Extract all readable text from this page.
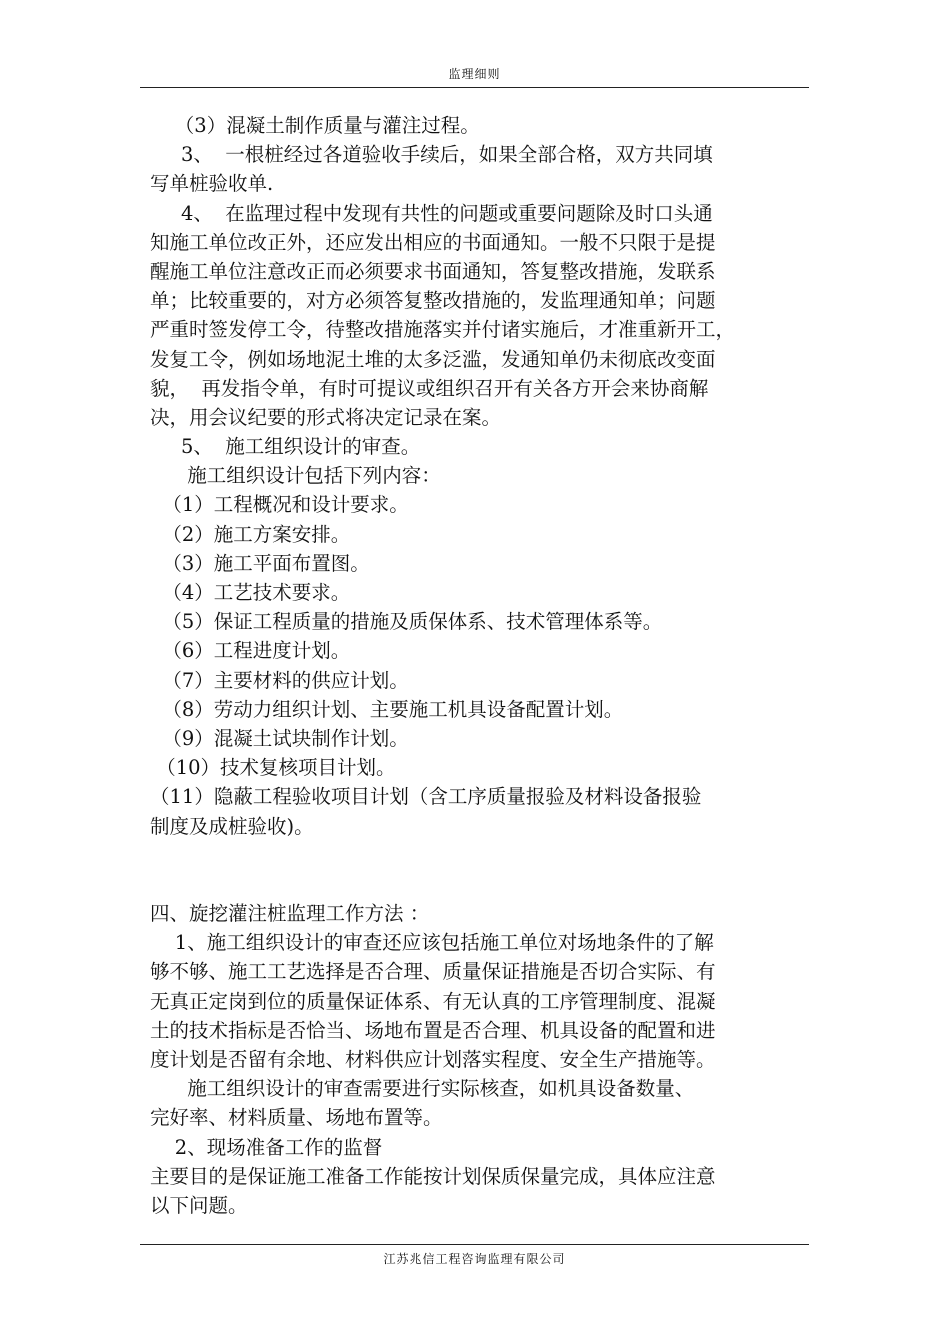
监理细则
（3）混凝土制作质量与灌注过程。
3、  一根桩经过各道验收手续后，如果全部合格，双方共同填
写单桩验收单.
4、  在监理过程中发现有共性的问题或重要问题除及时口头通
知施工单位改正外，还应发出相应的书面通知。一般不只限于是提
醒施工单位注意改正而必须要求书面通知，答复整改措施，发联系
单；比较重要的，对方必须答复整改措施的，发监理通知单；问题
严重时签发停工令，待整改措施落实并付诸实施后，才准重新开工，
发复工令，例如场地泥土堆的太多泛滥，发通知单仍未彻底改变面
貌，  再发指令单，有时可提议或组织召开有关各方开会来协商解
决，用会议纪要的形式将决定记录在案。
5、  施工组织设计的审查。
施工组织设计包括下列内容：
（1）工程概况和设计要求。
（2）施工方案安排。
（3）施工平面布置图。
（4）工艺技术要求。
（5）保证工程质量的措施及质保体系、技术管理体系等。
（6）工程进度计划。
（7）主要材料的供应计划。
（8）劳动力组织计划、主要施工机具设备配置计划。
（9）混凝土试块制作计划。
（10）技术复核项目计划。
（11）隐蔽工程验收项目计划（含工序质量报验及材料设备报验
制度及成桩验收)。
四、旋挖灌注桩监理工作方法 ：
1、施工组织设计的审查还应该包括施工单位对场地条件的了解
够不够、施工工艺选择是否合理、质量保证措施是否切合实际、有
无真正定岗到位的质量保证体系、有无认真的工序管理制度、混凝
土的技术指标是否恰当、场地布置是否合理、机具设备的配置和进
度计划是否留有余地、材料供应计划落实程度、安全生产措施等。
施工组织设计的审查需要进行实际核查，如机具设备数量、
完好率、材料质量、场地布置等。
2、现场准备工作的监督
主要目的是保证施工准备工作能按计划保质保量完成，具体应注意
以下问题。
江苏兆信工程咨询监理有限公司
